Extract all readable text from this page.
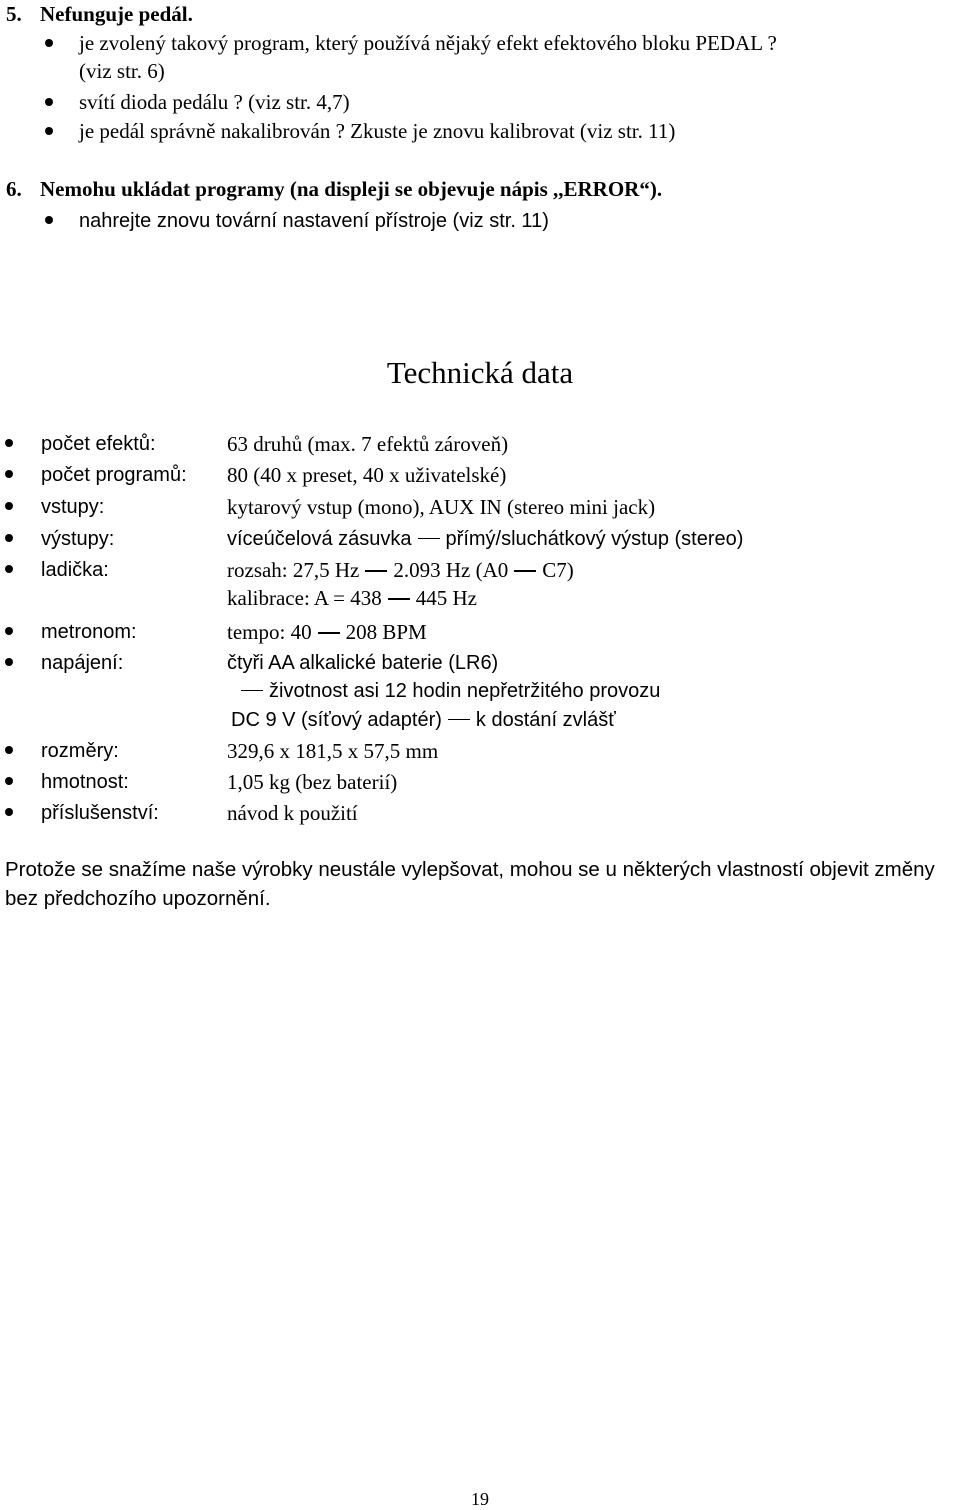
5. Nefunguje pedál.
je zvolený takový program, který používá nějaký efekt efektového bloku PEDAL ?
(viz str. 6)
svítí dioda pedálu ? (viz str. 4,7)
je pedál správně nakalibrován ? Zkuste je znovu kalibrovat (viz str. 11)
6. Nemohu ukládat programy (na displeji se objevuje nápis ,,ERROR“).
nahrejte znovu tovární nastavení přístroje (viz str. 11)
Technická data
počet efektů:	63 druhů (max. 7 efektů zároveň)
počet programů: 80 (40 x preset, 40 x uživatelské)
vstupy:	kytarový vstup (mono), AUX IN (stereo mini jack)
výstupy:	víceúčelová zásuvka přímý/sluchátkový výstup (stereo)
ladička:	rozsah: 27,5 Hz 2.093 Hz (A0 C7)
kalibrace: A = 438 445 Hz
metronom:	tempo: 40 208 BPM
napájení:	čtyři AA alkalické baterie (LR6)
životnost asi 12 hodin nepřetržitého provozu
DC 9 V (síťový adaptér) k dostání zvlášť
rozměry:	329,6 x 181,5 x 57,5 mm
hmotnost:	1,05 kg (bez baterií)
příslušenství:	návod k použití
Protože se snažíme naše výrobky neustále vylepšovat, mohou se u některých vlastností objevit změny bez předchozího upozornění.
19
